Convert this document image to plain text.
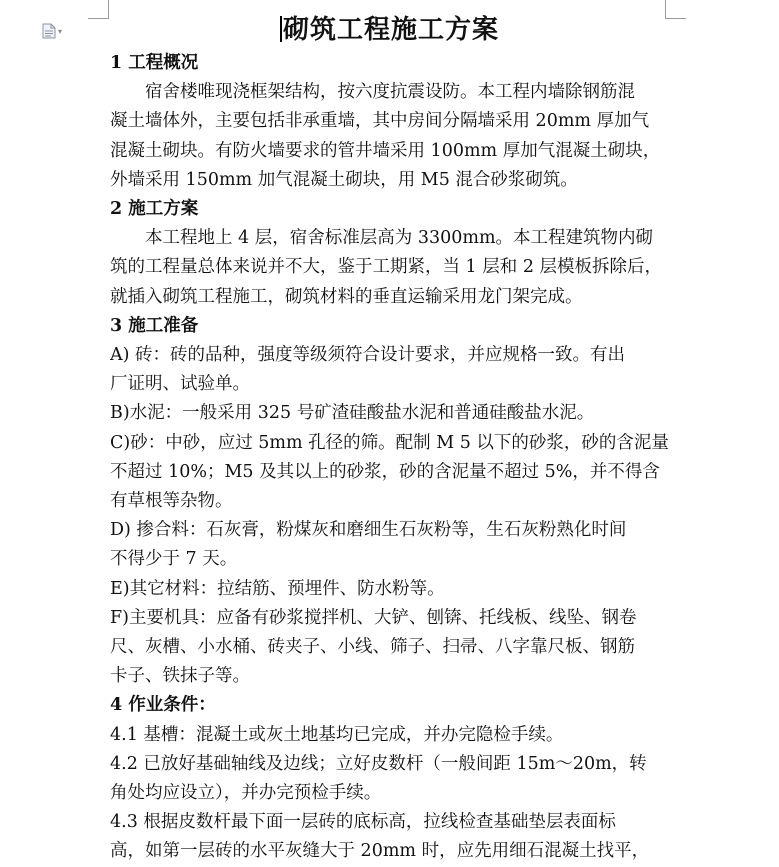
▾	砌筑工程施工方案

1 工程概况

宿舍楼唯现浇框架结构，按六度抗震设防。本工程内墙除钢筋混

凝土墙体外，主要包括非承重墙，其中房间分隔墙采用 20mm 厚加气

混凝土砌块。有防火墙要求的管井墙采用 100mm 厚加气混凝土砌块，

外墙采用 150mm 加气混凝土砌块，用 M5 混合砂浆砌筑。

2 施工方案

本工程地上 4 层，宿舍标准层高为 3300mm。本工程建筑物内砌

筑的工程量总体来说并不大，鉴于工期紧，当 1 层和 2 层模板拆除后，

就插入砌筑工程施工，砌筑材料的垂直运输采用龙门架完成。

3 施工准备

A) 砖：砖的品种，强度等级须符合设计要求，并应规格一致。有出

厂证明、试验单。

B)水泥：一般采用 325 号矿渣硅酸盐水泥和普通硅酸盐水泥。

C)砂：中砂，应过 5mm 孔径的筛。配制 M 5 以下的砂浆，砂的含泥量

不超过 10%；M5 及其以上的砂浆，砂的含泥量不超过 5%，并不得含

有草根等杂物。

D) 掺合料：石灰膏，粉煤灰和磨细生石灰粉等，生石灰粉熟化时间

不得少于 7 天。

E)其它材料：拉结筋、预埋件、防水粉等。

F)主要机具：应备有砂浆搅拌机、大铲、刨锛、托线板、线坠、钢卷

尺、灰槽、小水桶、砖夹子、小线、筛子、扫帚、八字靠尺板、钢筋

卡子、铁抹子等。

4 作业条件：

4.1 基槽：混凝土或灰土地基均已完成，并办完隐检手续。

4.2 已放好基础轴线及边线；立好皮数杆（一般间距 15m～20m，转

角处均应设立），并办完预检手续。

4.3 根据皮数杆最下面一层砖的底标高，拉线检查基础垫层表面标

高，如第一层砖的水平灰缝大于 20mm 时，应先用细石混凝土找平，
